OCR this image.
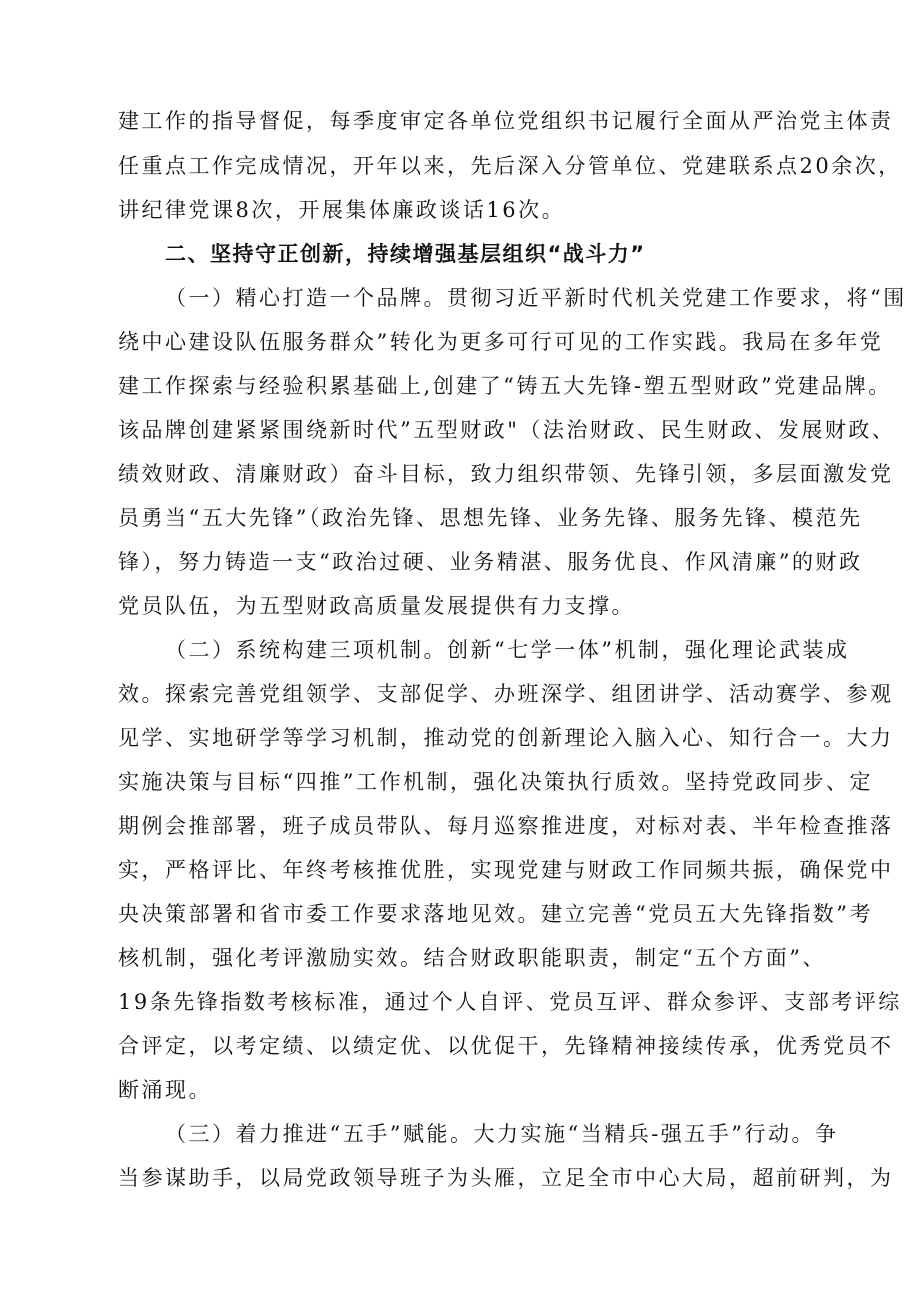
建工作的指导督促，每季度审定各单位党组织书记履行全面从严治党主体责
任重点工作完成情况，开年以来，先后深入分管单位、党建联系点20余次，
讲纪律党课8次，开展集体廉政谈话16次。
二、坚持守正创新，持续增强基层组织“战斗力”
（一）精心打造一个品牌。贯彻习近平新时代机关党建工作要求，将“围
绕中心建设队伍服务群众”转化为更多可行可见的工作实践。我局在多年党
建工作探索与经验积累基础上,创建了“铸五大先锋-塑五型财政”党建品牌。
该品牌创建紧紧围绕新时代”五型财政"（法治财政、民生财政、发展财政、
绩效财政、清廉财政）奋斗目标，致力组织带领、先锋引领，多层面激发党
员勇当“五大先锋”（政治先锋、思想先锋、业务先锋、服务先锋、模范先
锋），努力铸造一支“政治过硬、业务精湛、服务优良、作风清廉”的财政
党员队伍，为五型财政高质量发展提供有力支撑。
（二）系统构建三项机制。创新“七学一体”机制，强化理论武装成
效。探索完善党组领学、支部促学、办班深学、组团讲学、活动赛学、参观
见学、实地研学等学习机制，推动党的创新理论入脑入心、知行合一。大力
实施决策与目标“四推”工作机制，强化决策执行质效。坚持党政同步、定
期例会推部署，班子成员带队、每月巡察推进度，对标对表、半年检查推落
实，严格评比、年终考核推优胜，实现党建与财政工作同频共振，确保党中
央决策部署和省市委工作要求落地见效。建立完善“党员五大先锋指数”考
核机制，强化考评激励实效。结合财政职能职责，制定“五个方面”、
19条先锋指数考核标准，通过个人自评、党员互评、群众参评、支部考评综
合评定，以考定绩、以绩定优、以优促干，先锋精神接续传承，优秀党员不
断涌现。
（三）着力推进“五手”赋能。大力实施“当精兵-强五手”行动。争
当参谋助手，以局党政领导班子为头雁，立足全市中心大局，超前研判，为
